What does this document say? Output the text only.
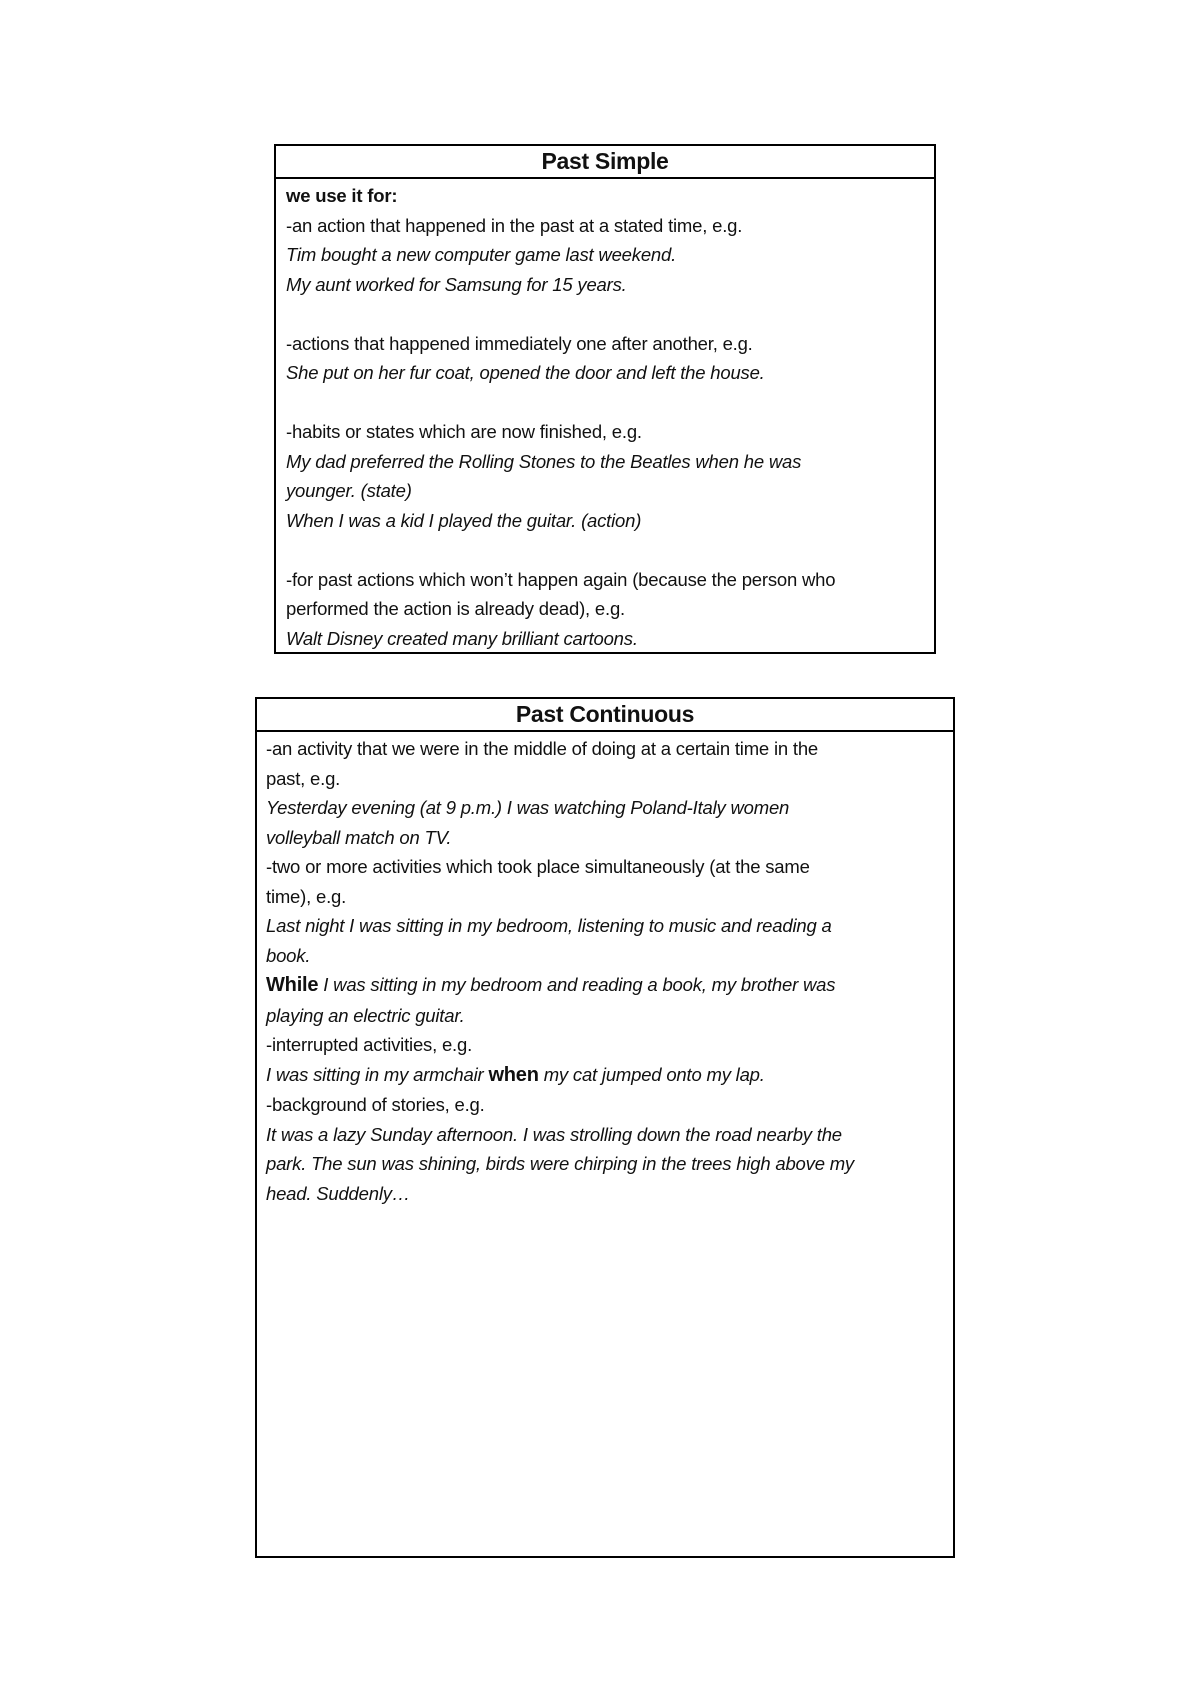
Past Simple
we use it for:
-an action that happened in the past at a stated time, e.g.
Tim bought a new computer game last weekend.
My aunt worked for Samsung for 15 years.
-actions that happened immediately one after another, e.g.
She put on her fur coat, opened the door and left the house.
-habits or states which are now finished, e.g.
My dad preferred the Rolling Stones to the Beatles when he was
younger. (state)
When I was a kid I played the guitar. (action)
-for past actions which won’t happen again (because the person who
performed the action is already dead), e.g.
Walt Disney created many brilliant cartoons.
Past Continuous
-an activity that we were in the middle of doing at a certain time in the
past, e.g.
Yesterday evening (at 9 p.m.) I was watching Poland-Italy women
volleyball match on TV.
-two or more activities which took place simultaneously (at the same
time), e.g.
Last night I was sitting in my bedroom, listening to music and reading a
book.
While I was sitting in my bedroom and reading a book, my brother was
playing an electric guitar.
-interrupted activities, e.g.
I was sitting in my armchair when my cat jumped onto my lap.
-background of stories, e.g.
It was a lazy Sunday afternoon. I was strolling down the road nearby the
park. The sun was shining, birds were chirping in the trees high above my
head. Suddenly…
